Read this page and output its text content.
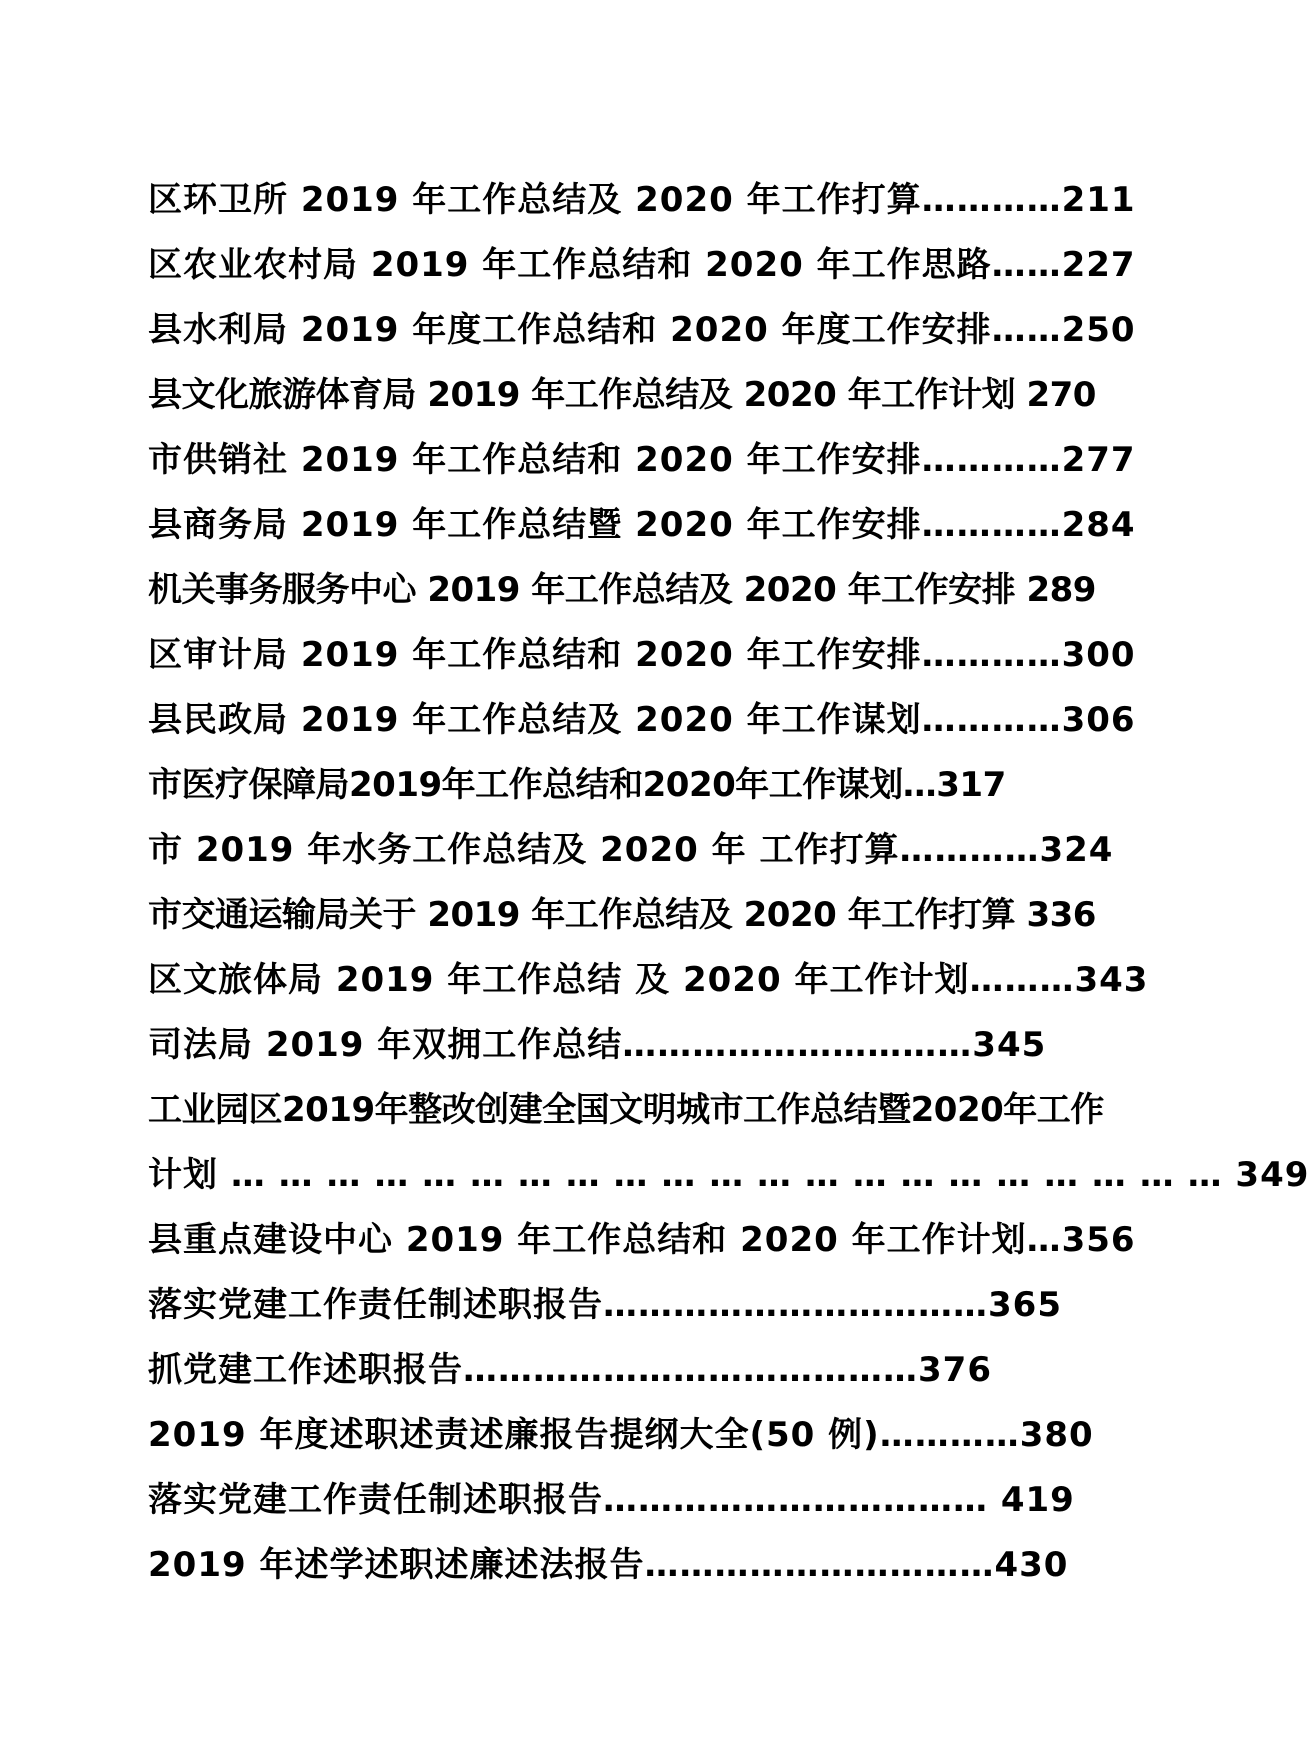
区环卫所 2019 年工作总结及 2020 年工作打算…………211
区农业农村局 2019 年工作总结和 2020 年工作思路……227
县水利局 2019 年度工作总结和 2020 年度工作安排……250
县文化旅游体育局 2019 年工作总结及 2020 年工作计划 270
市供销社 2019 年工作总结和 2020 年工作安排…………277
县商务局 2019 年工作总结暨 2020 年工作安排…………284
机关事务服务中心 2019 年工作总结及 2020 年工作安排 289
区审计局 2019 年工作总结和 2020 年工作安排…………300
县民政局 2019 年工作总结及 2020 年工作谋划…………306
市医疗保障局2019年工作总结和2020年工作谋划…317
市 2019 年水务工作总结及 2020 年 工作打算…………324
市交通运输局关于 2019 年工作总结及 2020 年工作打算 336
区文旅体局 2019 年工作总结 及 2020 年工作计划………343
司法局 2019 年双拥工作总结…………………………345
工业园区2019年整改创建全国文明城市工作总结暨2020年工作
计划 … … … … … … … … … … … … … … … … … … … … … 349
县重点建设中心 2019 年工作总结和 2020 年工作计划…356
落实党建工作责任制述职报告……………………………365
抓党建工作述职报告…………………………………376
2019 年度述职述责述廉报告提纲大全(50 例)…………380
落实党建工作责任制述职报告…………………………… 419
2019 年述学述职述廉述法报告…………………………430
